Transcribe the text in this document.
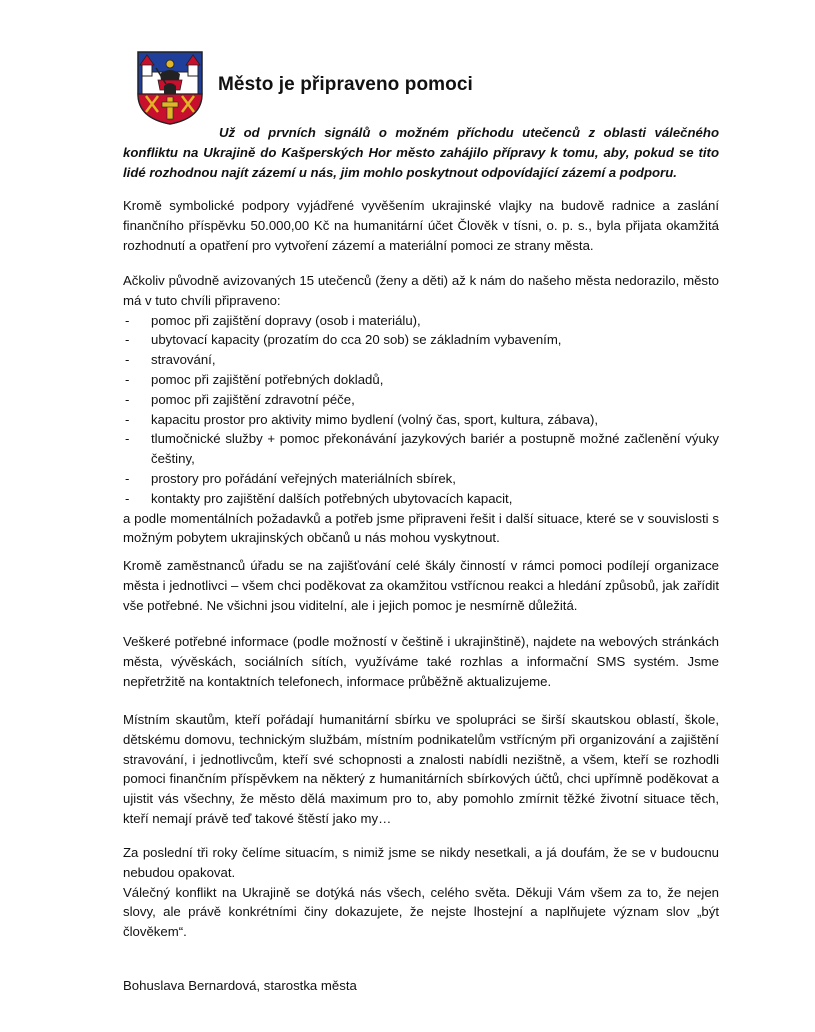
Město je připraveno pomoci

Už od prvních signálů o možném příchodu utečenců z oblasti válečného konfliktu na Ukrajině do Kašperských Hor město zahájilo přípravy k tomu, aby, pokud se tito lidé rozhodnou najít zázemí u nás, jim mohlo poskytnout odpovídající zázemí a podporu.

Kromě symbolické podpory vyjádřené vyvěšením ukrajinské vlajky na budově radnice a zaslání finančního příspěvku 50.000,00 Kč na humanitární účet Člověk v tísni, o. p. s., byla přijata okamžitá rozhodnutí a opatření pro vytvoření zázemí a materiální pomoci ze strany města.

Ačkoliv původně avizovaných 15 utečenců (ženy a děti) až k nám do našeho města nedorazilo, město má v tuto chvíli připraveno:

- pomoc při zajištění dopravy (osob i materiálu),
- ubytovací kapacity (prozatím do cca 20 sob) se základním vybavením,
- stravování,
- pomoc při zajištění potřebných dokladů,
- pomoc při zajištění zdravotní péče,
- kapacitu prostor pro aktivity mimo bydlení (volný čas, sport, kultura, zábava),
- tlumočnické služby + pomoc překonávání jazykových bariér a postupně možné začlenění výuky češtiny,
- prostory pro pořádání veřejných materiálních sbírek,
- kontakty pro zajištění dalších potřebných ubytovacích kapacit,

a podle momentálních požadavků a potřeb jsme připraveni řešit i další situace, které se v souvislosti s možným pobytem ukrajinských občanů u nás mohou vyskytnout.

Kromě zaměstnanců úřadu se na zajišťování celé škály činností v rámci pomoci podílejí organizace města i jednotlivci – všem chci poděkovat za okamžitou vstřícnou reakci a hledání způsobů, jak zařídit vše potřebné. Ne všichni jsou viditelní, ale i jejich pomoc je nesmírně důležitá.

Veškeré potřebné informace (podle možností v češtině i ukrajinštině), najdete na webových stránkách města, vývěskách, sociálních sítích, využíváme také rozhlas a informační SMS systém. Jsme nepřetržitě na kontaktních telefonech, informace průběžně aktualizujeme.

Místním skautům, kteří pořádají humanitární sbírku ve spolupráci se širší skautskou oblastí, škole, dětskému domovu, technickým službám, místním podnikatelům vstřícným při organizování a zajištění stravování, i jednotlivcům, kteří své schopnosti a znalosti nabídli nezištně, a všem, kteří se rozhodli pomoci finančním příspěvkem na některý z humanitárních sbírkových účtů, chci upřímně poděkovat a ujistit vás všechny, že město dělá maximum pro to, aby pomohlo zmírnit těžké životní situace těch, kteří nemají právě teď takové štěstí jako my…

Za poslední tři roky čelíme situacím, s nimiž jsme se nikdy nesetkali, a já doufám, že se v budoucnu nebudou opakovat.

Válečný konflikt na Ukrajině se dotýká nás všech, celého světa. Děkuji Vám všem za to, že nejen slovy, ale právě konkrétními činy dokazujete, že nejste lhostejní a naplňujete význam slov „být člověkem“.

Bohuslava Bernardová, starostka města
